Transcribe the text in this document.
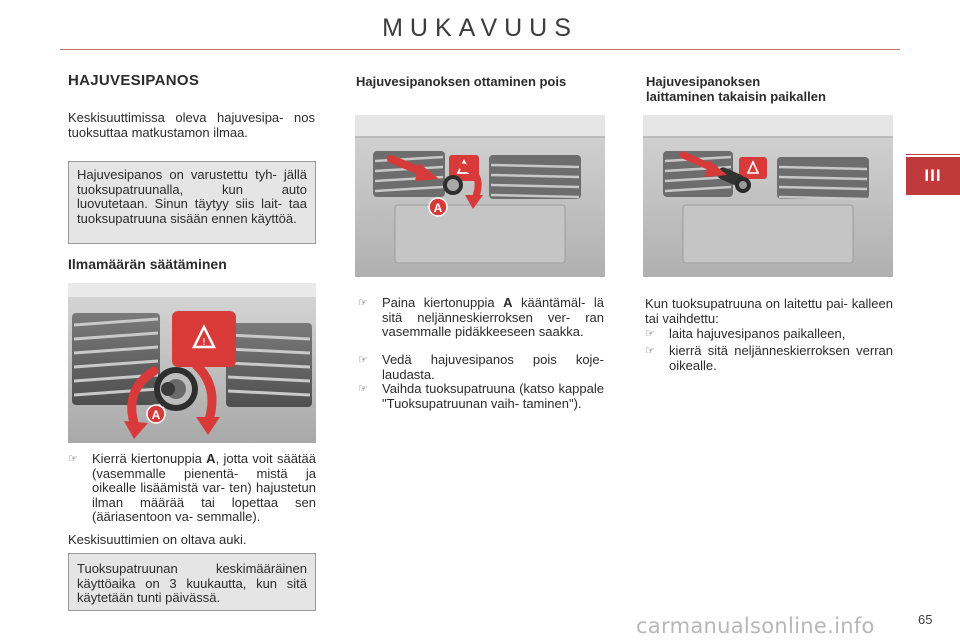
MUKAVUUS
III
HAJUVESIPANOS
Keskisuuttimissa oleva hajuvesipa- nos tuoksuttaa matkustamon ilmaa.
Hajuvesipanos on varustettu tyh- jällä tuoksupatruunalla, kun auto luovutetaan. Sinun täytyy siis lait- taa tuoksupatruuna sisään ennen käyttöä.
Ilmamäärän säätäminen
!
A
☞	Kierrä kiertonuppia A, jotta voit säätää (vasemmalle pienentä- mistä ja oikealle lisäämistä var- ten) hajustetun ilman määrää tai lopettaa sen (ääriasentoon va- semmalle).
Keskisuuttimien on oltava auki.
Tuoksupatruunan keskimääräinen käyttöaika on 3 kuukautta, kun sitä käytetään tunti päivässä.
Hajuvesipanoksen ottaminen pois
A
☞	Paina kiertonuppia A kääntämäl- lä sitä neljänneskierroksen ver- ran vasemmalle pidäkkeeseen saakka.
☞	Vedä hajuvesipanos pois koje- laudasta.
☞	Vaihda tuoksupatruuna (katso kappale "Tuoksupatruunan vaih- taminen").
Hajuvesipanoksen
laittaminen takaisin paikallen
Kun tuoksupatruuna on laitettu pai- kalleen tai vaihdettu:
☞	laita hajuvesipanos paikalleen,
☞	kierrä sitä neljänneskierroksen verran oikealle.
carmanualsonline.info	65
